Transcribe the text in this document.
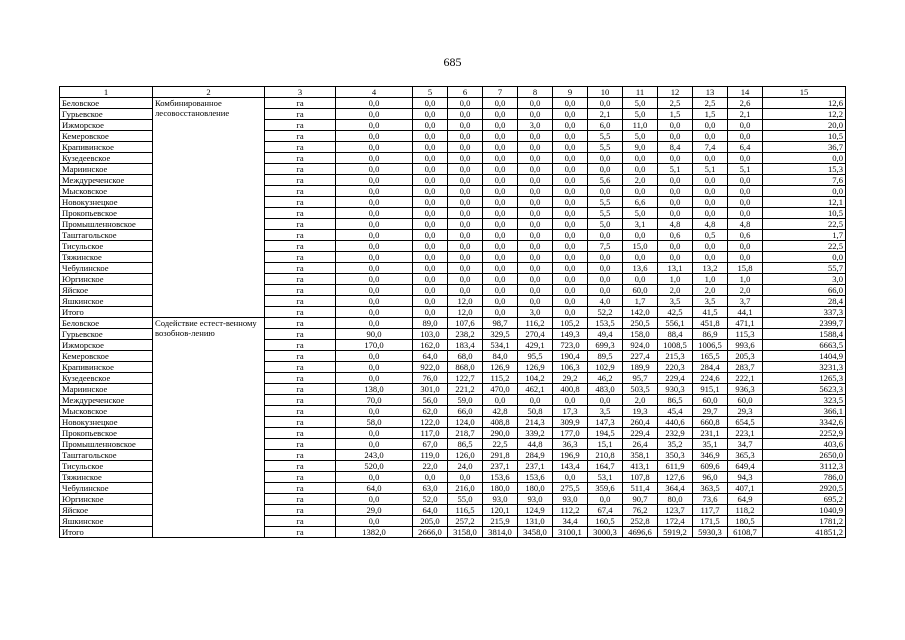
685
1	2	3	4	5	6	7	8	9	10	11	12	13	14	15
Беловское	Комбинированное лесовосстановление	га	0,0	0,0	0,0	0,0	0,0	0,0	0,0	5,0	2,5	2,5	2,6	12,6
Гурьевское		га	0,0	0,0	0,0	0,0	0,0	0,0	2,1	5,0	1,5	1,5	2,1	12,2
Ижморское		га	0,0	0,0	0,0	0,0	3,0	0,0	6,0	11,0	0,0	0,0	0,0	20,0
Кемеровское		га	0,0	0,0	0,0	0,0	0,0	0,0	5,5	5,0	0,0	0,0	0,0	10,5
Крапивинское		га	0,0	0,0	0,0	0,0	0,0	0,0	5,5	9,0	8,4	7,4	6,4	36,7
Кузедеевское		га	0,0	0,0	0,0	0,0	0,0	0,0	0,0	0,0	0,0	0,0	0,0	0,0
Мариинское		га	0,0	0,0	0,0	0,0	0,0	0,0	0,0	0,0	5,1	5,1	5,1	15,3
Междуреченское		га	0,0	0,0	0,0	0,0	0,0	0,0	5,6	2,0	0,0	0,0	0,0	7,6
Мысковское		га	0,0	0,0	0,0	0,0	0,0	0,0	0,0	0,0	0,0	0,0	0,0	0,0
Новокузнецкое		га	0,0	0,0	0,0	0,0	0,0	0,0	5,5	6,6	0,0	0,0	0,0	12,1
Прокопьевское		га	0,0	0,0	0,0	0,0	0,0	0,0	5,5	5,0	0,0	0,0	0,0	10,5
Промышленновское		га	0,0	0,0	0,0	0,0	0,0	0,0	5,0	3,1	4,8	4,8	4,8	22,5
Таштагольское		га	0,0	0,0	0,0	0,0	0,0	0,0	0,0	0,0	0,6	0,5	0,6	1,7
Тисульское		га	0,0	0,0	0,0	0,0	0,0	0,0	7,5	15,0	0,0	0,0	0,0	22,5
Тяжинское		га	0,0	0,0	0,0	0,0	0,0	0,0	0,0	0,0	0,0	0,0	0,0	0,0
Чебулинское		га	0,0	0,0	0,0	0,0	0,0	0,0	0,0	13,6	13,1	13,2	15,8	55,7
Юргинское		га	0,0	0,0	0,0	0,0	0,0	0,0	0,0	0,0	1,0	1,0	1,0	3,0
Яйское		га	0,0	0,0	0,0	0,0	0,0	0,0	0,0	60,0	2,0	2,0	2,0	66,0
Яшкинское		га	0,0	0,0	12,0	0,0	0,0	0,0	4,0	1,7	3,5	3,5	3,7	28,4
Итого		га	0,0	0,0	12,0	0,0	3,0	0,0	52,2	142,0	42,5	41,5	44,1	337,3
Беловское	Содействие естест-венному возобнов-лению	га	0,0	89,0	107,6	98,7	116,2	105,2	153,5	250,5	556,1	451,8	471,1	2399,7
Гурьевское		га	90,0	103,0	238,2	329,5	270,4	149,3	49,4	158,0	88,4	86,9	115,3	1588,4
Ижморское		га	170,0	162,0	183,4	534,1	429,1	723,0	699,3	924,0	1008,5	1006,5	993,6	6663,5
Кемеровское		га	0,0	64,0	68,0	84,0	95,5	190,4	89,5	227,4	215,3	165,5	205,3	1404,9
Крапивинское		га	0,0	922,0	868,0	126,9	126,9	106,3	102,9	189,9	220,3	284,4	283,7	3231,3
Кузедеевское		га	0,0	76,0	122,7	115,2	104,2	29,2	46,2	95,7	229,4	224,6	222,1	1265,3
Мариинское		га	138,0	301,0	221,2	470,0	462,1	400,8	483,0	503,5	930,3	915,1	936,3	5623,3
Междуреченское		га	70,0	56,0	59,0	0,0	0,0	0,0	0,0	2,0	86,5	60,0	60,0	323,5
Мысковское		га	0,0	62,0	66,0	42,8	50,8	17,3	3,5	19,3	45,4	29,7	29,3	366,1
Новокузнецкое		га	58,0	122,0	124,0	408,8	214,3	309,9	147,3	260,4	440,6	660,8	654,5	3342,6
Прокопьевское		га	0,0	117,0	218,7	290,0	339,2	177,0	194,5	229,4	232,9	231,1	223,1	2252,9
Промышленновское		га	0,0	67,0	86,5	22,5	44,8	36,3	15,1	26,4	35,2	35,1	34,7	403,6
Таштагольское		га	243,0	119,0	126,0	291,8	284,9	196,9	210,8	358,1	350,3	346,9	365,3	2650,0
Тисульское		га	520,0	22,0	24,0	237,1	237,1	143,4	164,7	413,1	611,9	609,6	649,4	3112,3
Тяжинское		га	0,0	0,0	0,0	153,6	153,6	0,0	53,1	107,8	127,6	96,0	94,3	786,0
Чебулинское		га	64,0	63,0	216,0	180,0	180,0	275,5	359,6	511,4	364,4	363,5	407,1	2920,5
Юргинское		га	0,0	52,0	55,0	93,0	93,0	93,0	0,0	90,7	80,0	73,6	64,9	695,2
Яйское		га	29,0	64,0	116,5	120,1	124,9	112,2	67,4	76,2	123,7	117,7	118,2	1040,9
Яшкинское		га	0,0	205,0	257,2	215,9	131,0	34,4	160,5	252,8	172,4	171,5	180,5	1781,2
Итого		га	1382,0	2666,0	3158,0	3814,0	3458,0	3100,1	3000,3	4696,6	5919,2	5930,3	6108,7	41851,2
